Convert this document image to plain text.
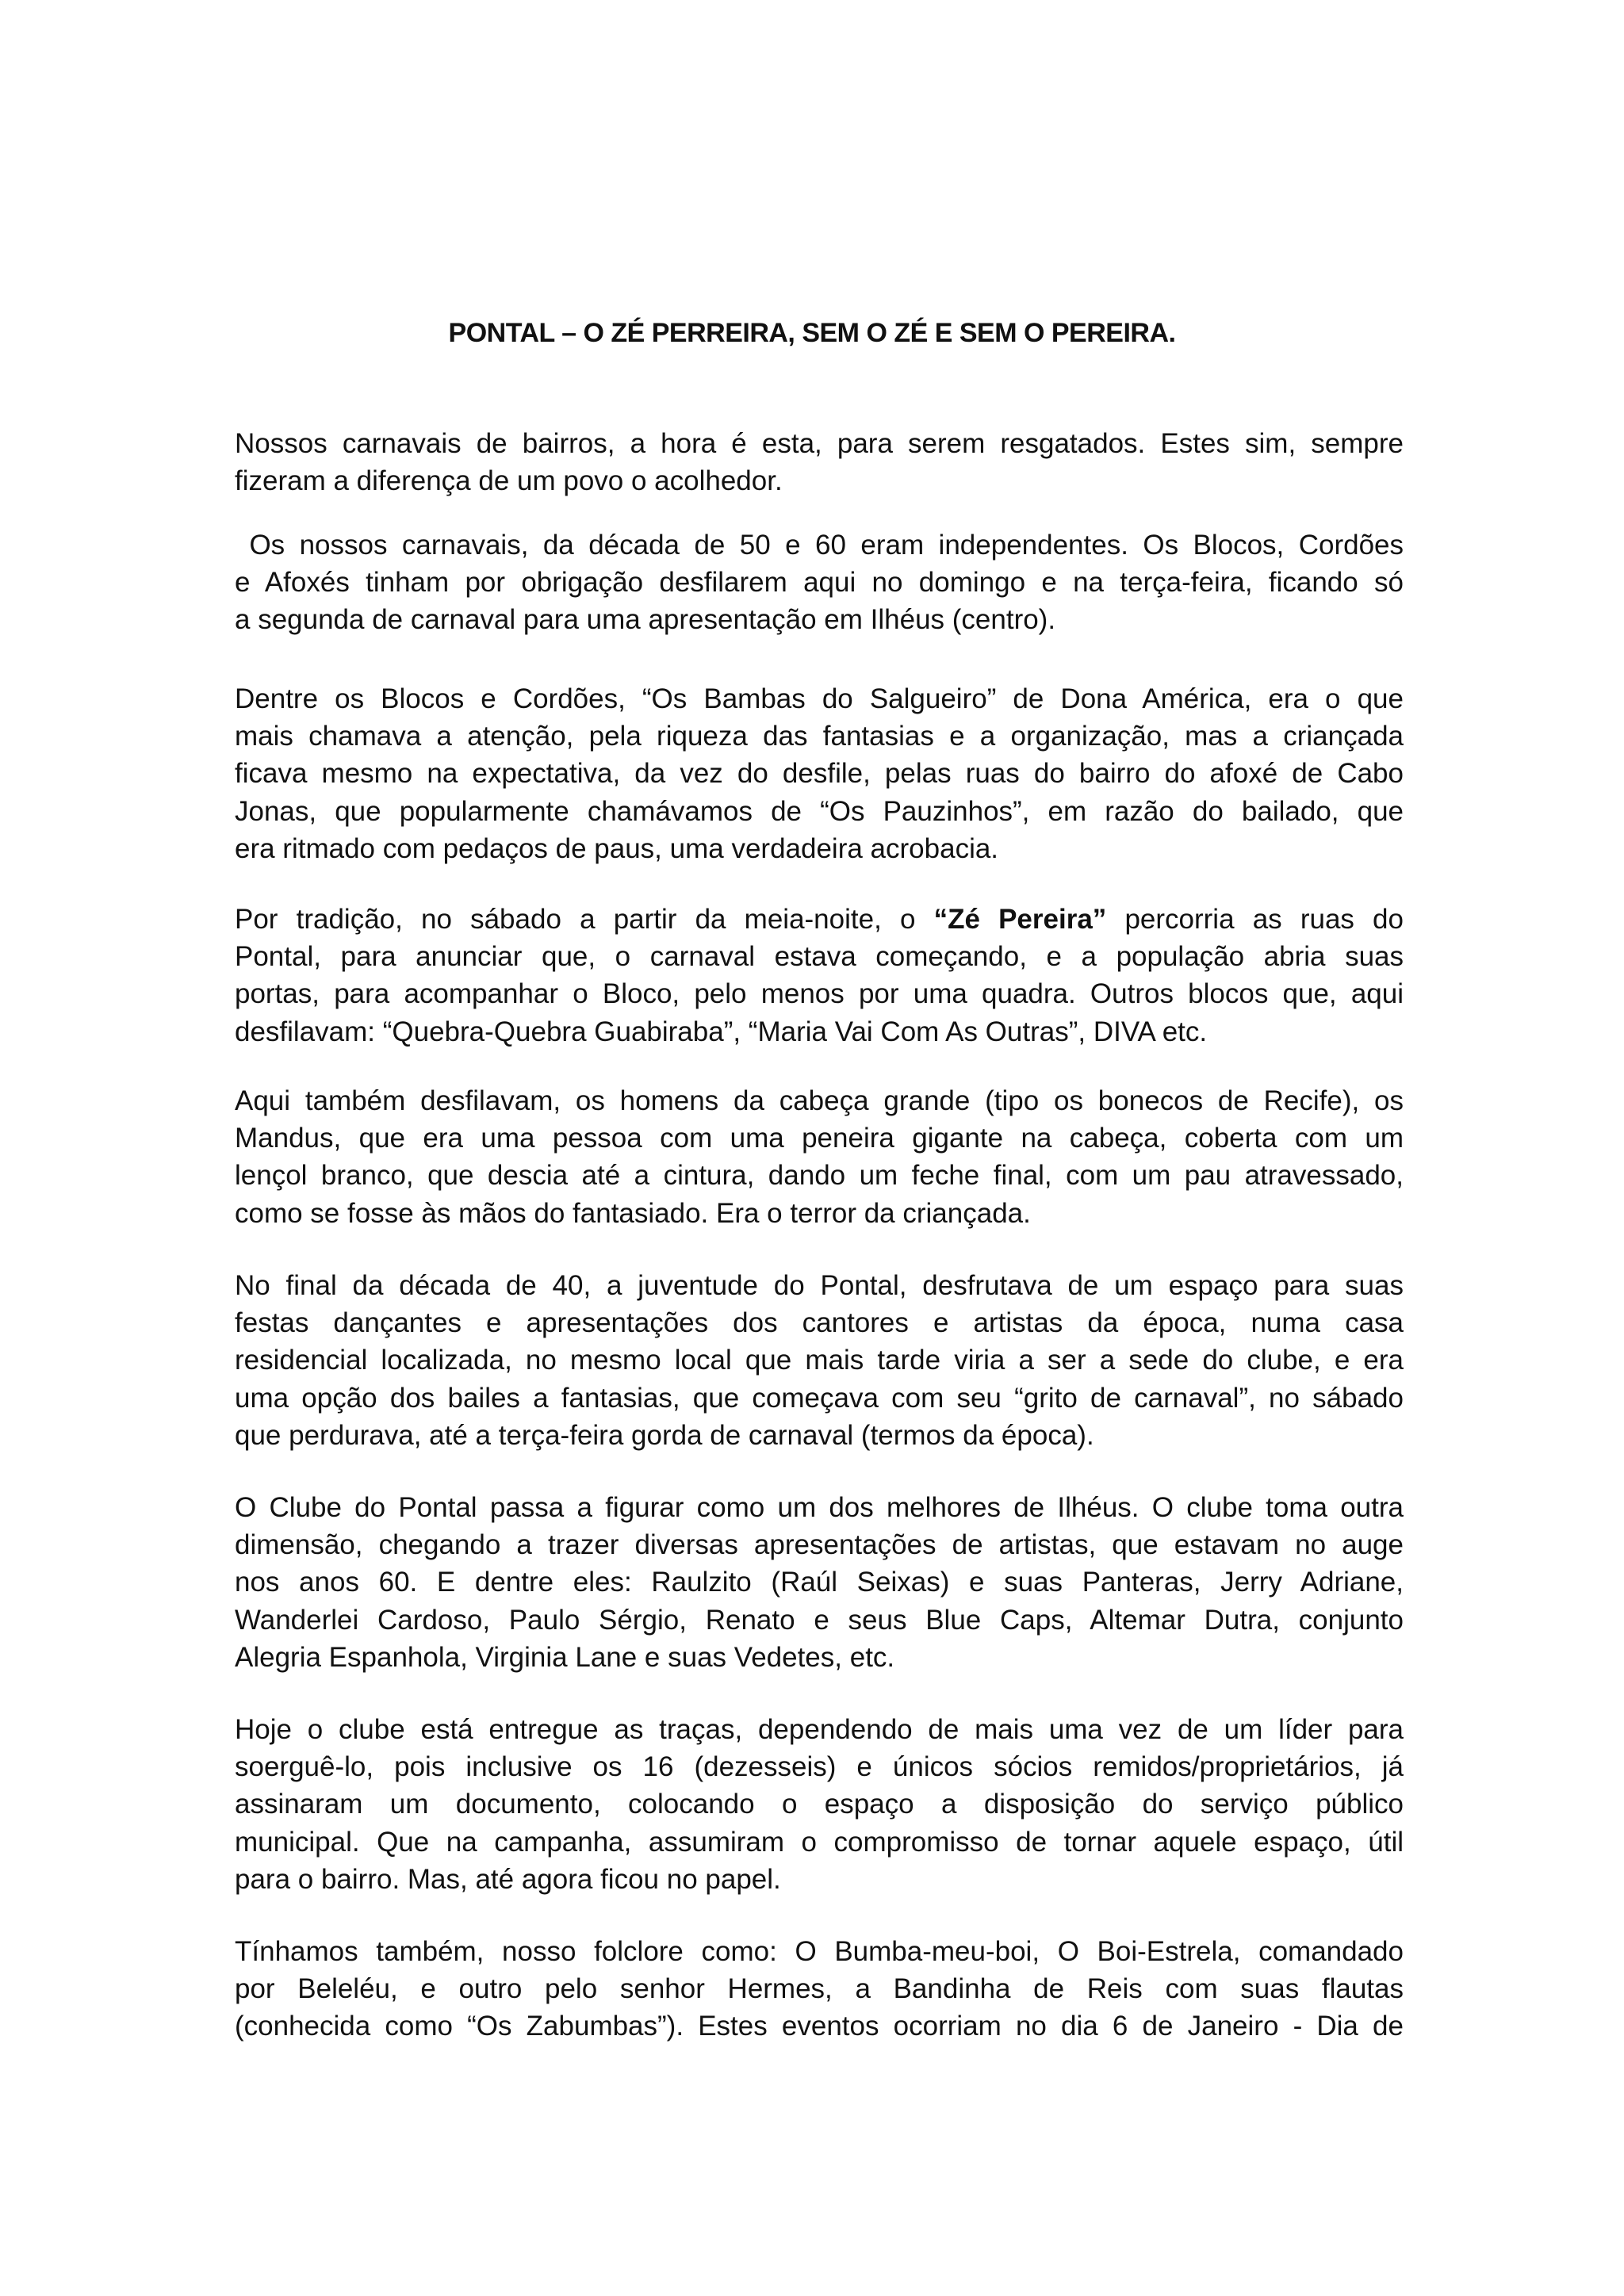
PONTAL – O ZÉ PERREIRA, SEM O ZÉ E SEM O PEREIRA.
Nossos carnavais de bairros, a hora é esta, para serem resgatados. Estes sim, sempre
fizeram a diferença de um povo o acolhedor.
Os nossos carnavais, da década de 50 e 60 eram independentes. Os Blocos, Cordões
e Afoxés tinham por obrigação desfilarem aqui no domingo e na terça-feira, ficando só
a segunda de carnaval para uma apresentação em Ilhéus (centro).
Dentre os Blocos e Cordões, “Os Bambas do Salgueiro” de Dona América, era o que
mais chamava a atenção, pela riqueza das fantasias e a organização, mas a criançada
ficava mesmo na expectativa, da vez do desfile, pelas ruas do bairro do afoxé de Cabo
Jonas, que popularmente chamávamos de “Os Pauzinhos”, em razão do bailado, que
era ritmado com pedaços de paus, uma verdadeira acrobacia.
Por tradição, no sábado a partir da meia-noite, o “Zé Pereira” percorria as ruas do
Pontal, para anunciar que, o carnaval estava começando, e a população abria suas
portas, para acompanhar o Bloco, pelo menos por uma quadra. Outros blocos que, aqui
desfilavam: “Quebra-Quebra Guabiraba”, “Maria Vai Com As Outras”, DIVA etc.
Aqui também desfilavam, os homens da cabeça grande (tipo os bonecos de Recife), os
Mandus, que era uma pessoa com uma peneira gigante na cabeça, coberta com um
lençol branco, que descia até a cintura, dando um feche final, com um pau atravessado,
como se fosse às mãos do fantasiado. Era o terror da criançada.
No final da década de 40, a juventude do Pontal, desfrutava de um espaço para suas
festas dançantes e apresentações dos cantores e artistas da época, numa casa
residencial localizada, no mesmo local que mais tarde viria a ser a sede do clube, e era
uma opção dos bailes a fantasias, que começava com seu “grito de carnaval”, no sábado
que perdurava, até a terça-feira gorda de carnaval (termos da época).
O Clube do Pontal passa a figurar como um dos melhores de Ilhéus. O clube toma outra
dimensão, chegando a trazer diversas apresentações de artistas, que estavam no auge
nos anos 60. E dentre eles: Raulzito (Raúl Seixas) e suas Panteras, Jerry Adriane,
Wanderlei Cardoso, Paulo Sérgio, Renato e seus Blue Caps, Altemar Dutra, conjunto
Alegria Espanhola, Virginia Lane e suas Vedetes, etc.
Hoje o clube está entregue as traças, dependendo de mais uma vez de um líder para
soerguê-lo, pois inclusive os 16 (dezesseis) e únicos sócios remidos/proprietários, já
assinaram um documento, colocando o espaço a disposição do serviço público
municipal. Que na campanha, assumiram o compromisso de tornar aquele espaço, útil
para o bairro. Mas, até agora ficou no papel.
Tínhamos também, nosso folclore como: O Bumba-meu-boi, O Boi-Estrela, comandado
por Beleléu, e outro pelo senhor Hermes, a Bandinha de Reis com suas flautas
(conhecida como “Os Zabumbas”). Estes eventos ocorriam no dia 6 de Janeiro - Dia de
